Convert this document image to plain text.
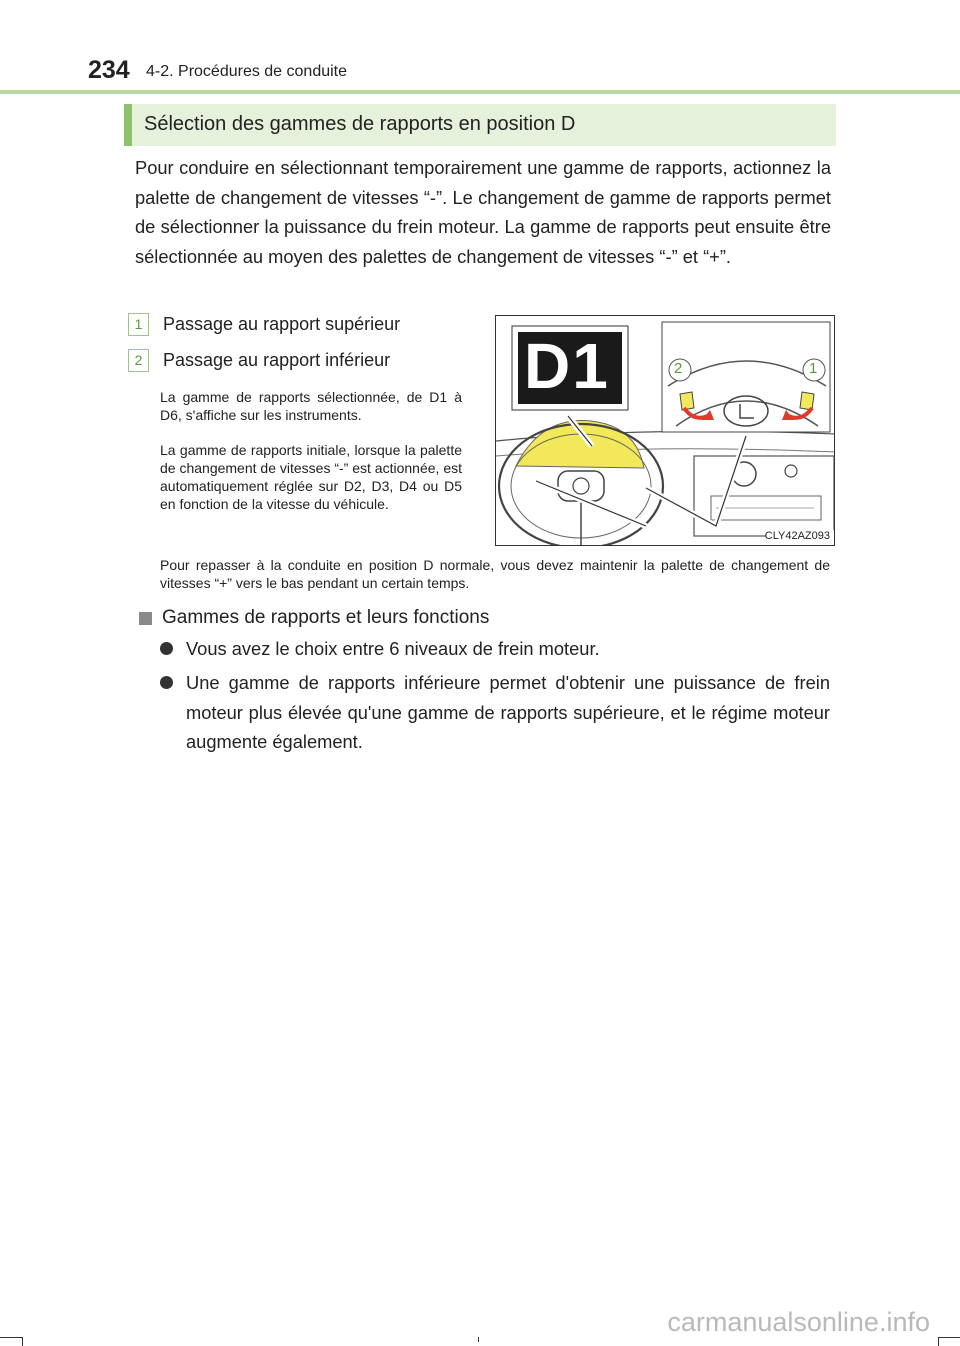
234 4-2. Procédures de conduite
Sélection des gammes de rapports en position D

Pour conduire en sélectionnant temporairement une gamme de rapports, actionnez la palette de changement de vitesses “-”. Le changement de gamme de rapports permet de sélectionner la puissance du frein moteur. La gamme de rapports peut ensuite être sélectionnée au moyen des palettes de changement de vitesses “-” et “+”.

1	Passage au rapport supérieur
2	Passage au rapport inférieur

La gamme de rapports sélectionnée, de D1 à D6, s'affiche sur les instruments.

La gamme de rapports initiale, lorsque la palette de changement de vitesses “-” est actionnée, est automatiquement réglée sur D2, D3, D4 ou D5 en fonction de la vitesse du véhicule.

D1	2	1
CLY42AZ093

Pour repasser à la conduite en position D normale, vous devez maintenir la palette de changement de vitesses “+” vers le bas pendant un certain temps.

Gammes de rapports et leurs fonctions

Vous avez le choix entre 6 niveaux de frein moteur.

Une gamme de rapports inférieure permet d'obtenir une puissance de frein moteur plus élevée qu'une gamme de rapports supérieure, et le régime moteur augmente également.

carmanualsonline.info
